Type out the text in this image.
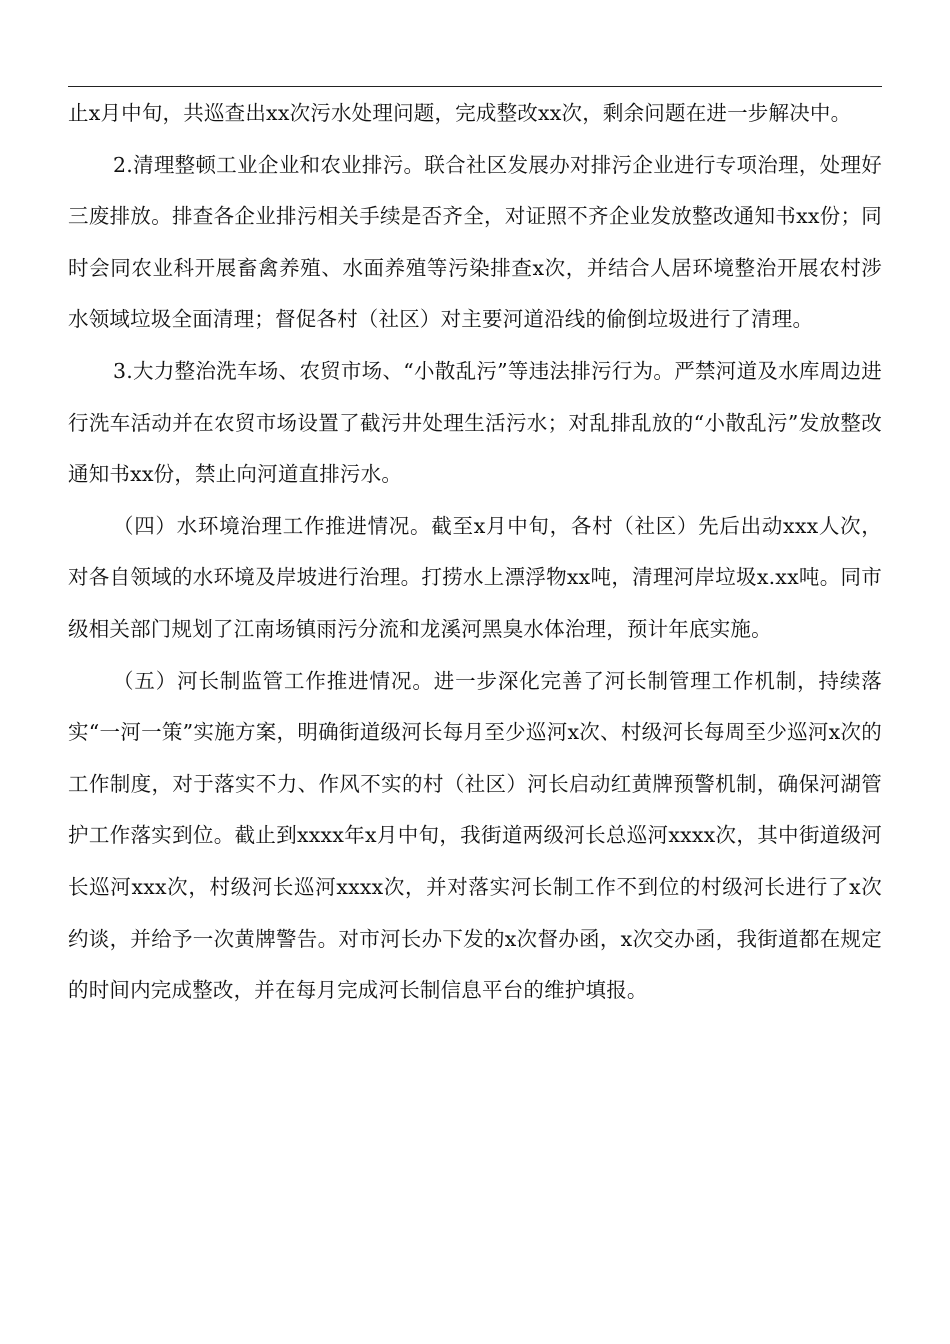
止x月中旬，共巡查出xx次污水处理问题，完成整改xx次，剩余问题在进一步解决中。

2.清理整顿工业企业和农业排污。联合社区发展办对排污企业进行专项治理，处理好三废排放。排查各企业排污相关手续是否齐全，对证照不齐企业发放整改通知书xx份；同时会同农业科开展畜禽养殖、水面养殖等污染排查x次，并结合人居环境整治开展农村涉水领域垃圾全面清理；督促各村（社区）对主要河道沿线的偷倒垃圾进行了清理。

3.大力整治洗车场、农贸市场、“小散乱污”等违法排污行为。严禁河道及水库周边进行洗车活动并在农贸市场设置了截污井处理生活污水；对乱排乱放的“小散乱污”发放整改通知书xx份，禁止向河道直排污水。

（四）水环境治理工作推进情况。截至x月中旬，各村（社区）先后出动xxx人次，对各自领域的水环境及岸坡进行治理。打捞水上漂浮物xx吨，清理河岸垃圾x.xx吨。同市级相关部门规划了江南场镇雨污分流和龙溪河黑臭水体治理，预计年底实施。

（五）河长制监管工作推进情况。进一步深化完善了河长制管理工作机制，持续落实“一河一策”实施方案，明确街道级河长每月至少巡河x次、村级河长每周至少巡河x次的工作制度，对于落实不力、作风不实的村（社区）河长启动红黄牌预警机制，确保河湖管护工作落实到位。截止到xxxx年x月中旬，我街道两级河长总巡河xxxx次，其中街道级河长巡河xxx次，村级河长巡河xxxx次，并对落实河长制工作不到位的村级河长进行了x次约谈，并给予一次黄牌警告。对市河长办下发的x次督办函，x次交办函，我街道都在规定的时间内完成整改，并在每月完成河长制信息平台的维护填报。
